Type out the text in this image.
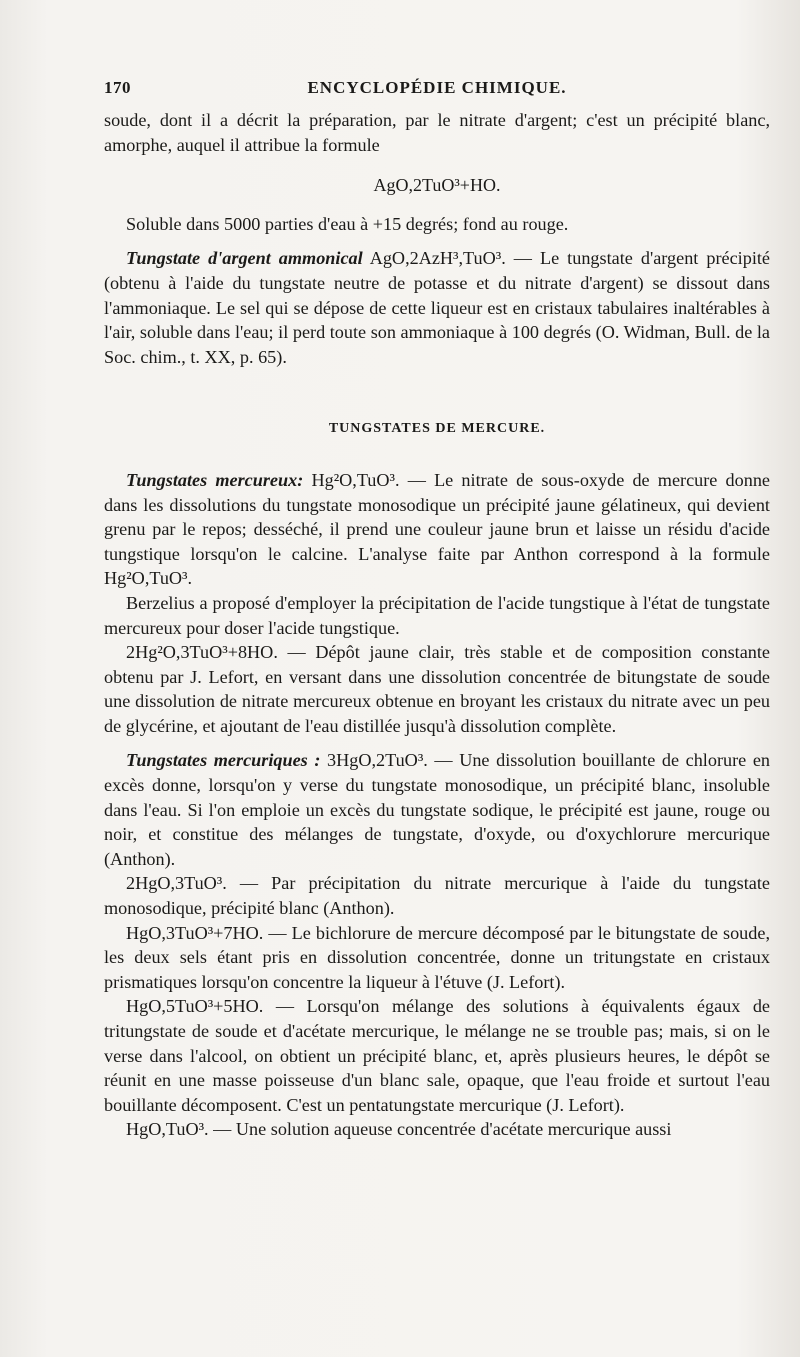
170	ENCYCLOPÉDIE CHIMIQUE.

soude, dont il a décrit la préparation, par le nitrate d'argent; c'est un précipité blanc, amorphe, auquel il attribue la formule

AgO,2TuO³+HO.

Soluble dans 5000 parties d'eau à +15 degrés; fond au rouge.

Tungstate d'argent ammonical AgO,2AzH³,TuO³. — Le tungstate d'argent précipité (obtenu à l'aide du tungstate neutre de potasse et du nitrate d'argent) se dissout dans l'ammoniaque. Le sel qui se dépose de cette liqueur est en cristaux tabulaires inaltérables à l'air, soluble dans l'eau; il perd toute son ammoniaque à 100 degrés (O. Widman, Bull. de la Soc. chim., t. XX, p. 65).

TUNGSTATES DE MERCURE.

Tungstates mercureux: Hg²O,TuO³. — Le nitrate de sous-oxyde de mercure donne dans les dissolutions du tungstate monosodique un précipité jaune gélatineux, qui devient grenu par le repos; desséché, il prend une couleur jaune brun et laisse un résidu d'acide tungstique lorsqu'on le calcine. L'analyse faite par Anthon correspond à la formule Hg²O,TuO³.

Berzelius a proposé d'employer la précipitation de l'acide tungstique à l'état de tungstate mercureux pour doser l'acide tungstique.

2Hg²O,3TuO³+8HO. — Dépôt jaune clair, très stable et de composition constante obtenu par J. Lefort, en versant dans une dissolution concentrée de bitungstate de soude une dissolution de nitrate mercureux obtenue en broyant les cristaux du nitrate avec un peu de glycérine, et ajoutant de l'eau distillée jusqu'à dissolution complète.

Tungstates mercuriques : 3HgO,2TuO³. — Une dissolution bouillante de chlorure en excès donne, lorsqu'on y verse du tungstate monosodique, un précipité blanc, insoluble dans l'eau. Si l'on emploie un excès du tungstate sodique, le précipité est jaune, rouge ou noir, et constitue des mélanges de tungstate, d'oxyde, ou d'oxychlorure mercurique (Anthon).

2HgO,3TuO³. — Par précipitation du nitrate mercurique à l'aide du tungstate monosodique, précipité blanc (Anthon).

HgO,3TuO³+7HO. — Le bichlorure de mercure décomposé par le bitungstate de soude, les deux sels étant pris en dissolution concentrée, donne un tritungstate en cristaux prismatiques lorsqu'on concentre la liqueur à l'étuve (J. Lefort).

HgO,5TuO³+5HO. — Lorsqu'on mélange des solutions à équivalents égaux de tritungstate de soude et d'acétate mercurique, le mélange ne se trouble pas; mais, si on le verse dans l'alcool, on obtient un précipité blanc, et, après plusieurs heures, le dépôt se réunit en une masse poisseuse d'un blanc sale, opaque, que l'eau froide et surtout l'eau bouillante décomposent. C'est un pentatungstate mercurique (J. Lefort).

HgO,TuO³. — Une solution aqueuse concentrée d'acétate mercurique aussi
